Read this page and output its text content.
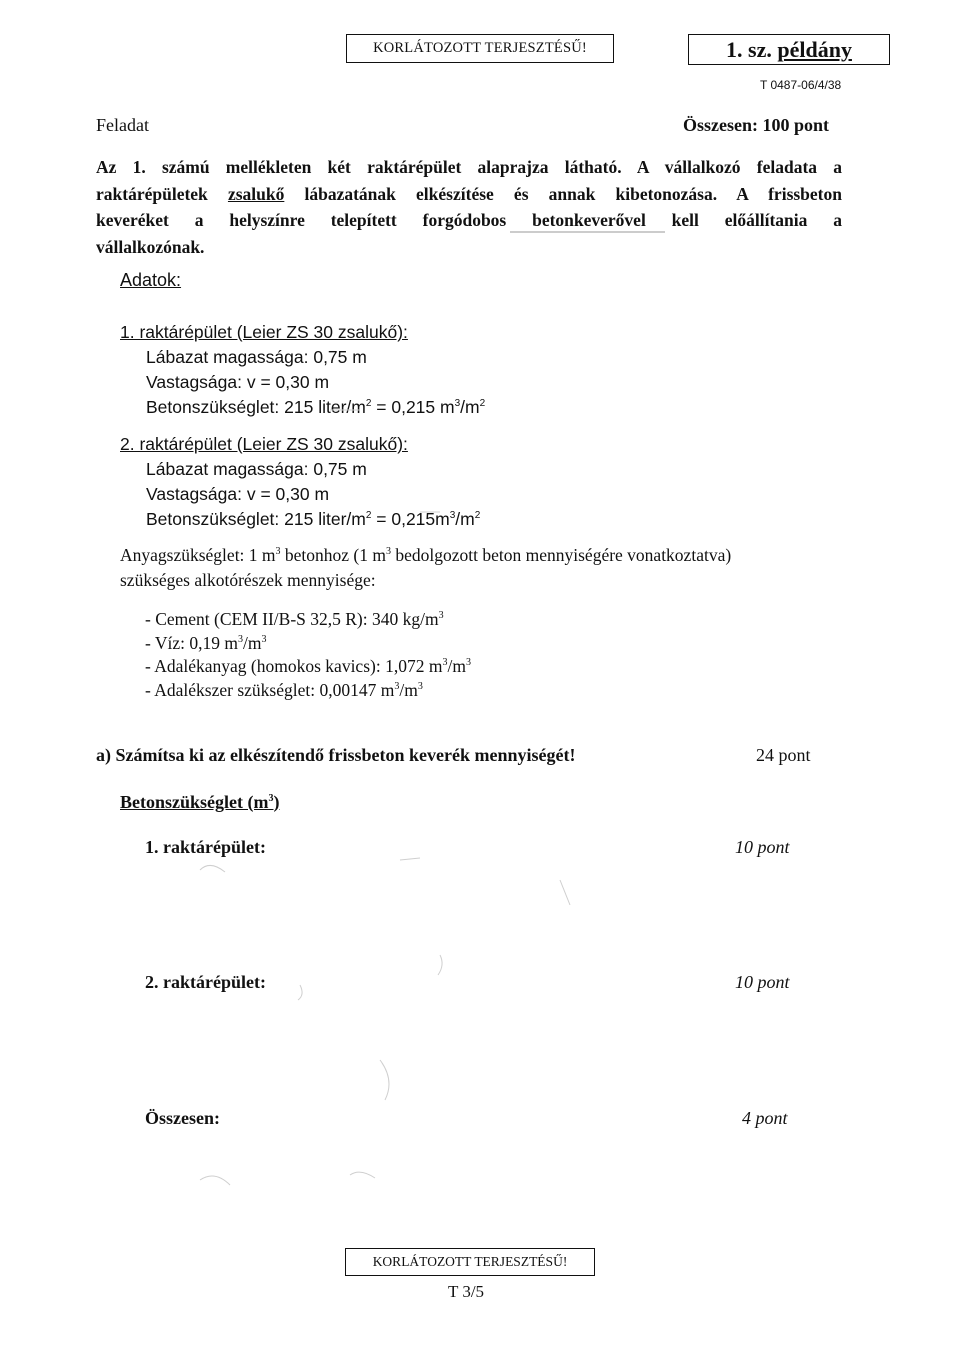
KORLÁTOZOTT TERJESZTÉSŰ!	1. sz. példány
T 0487-06/4/38
Feladat	Összesen: 100 pont
Az 1. számú mellékleten két raktárépület alaprajza látható. A vállalkozó feladata a
raktárépületek zsalukő lábazatának elkészítése és annak kibetonozása. A frissbeton
keveréket a helyszínre telepített forgódobos betonkeverővel kell előállítania a
vállalkozónak.
Adatok:
1. raktárépület (Leier ZS 30 zsalukő):
Lábazat magassága: 0,75 m
Vastagsága: v = 0,30 m
Betonszükséglet: 215 liter/$m^2 = 0,215$ $m^3/m^2$
2. raktárépület (Leier ZS 30 zsalukő):
Lábazat magassága: 0,75 m
Vastagsága: v = 0,30 m
Betonszükséglet: 215 liter/$m^2 = 0,215m^3/m^2$
Anyagszükséglet: 1 $m^3$ betonhoz (1 $m^3$ bedolgozott beton mennyiségére vonatkoztatva)
szükséges alkotórészek mennyisége:
- Cement (CEM II/B-S 32,5 R): 340 $kg/m^3$
- Víz: 0,19 $m^3/m^3$
- Adalékanyag (homokos kavics): 1,072 $m^3/m^3$
- Adalékszer szükséglet: 0,00147 $m^3/m^3$
a) Számítsa ki az elkészítendő frissbeton keverék mennyiségét!	24 pont
Betonszükséglet $(m^3)$
1. raktárépület:	10 pont
2. raktárépület:	10 pont
Összesen:	4 pont
KORLÁTOZOTT TERJESZTÉSŰ!
T 3/5
